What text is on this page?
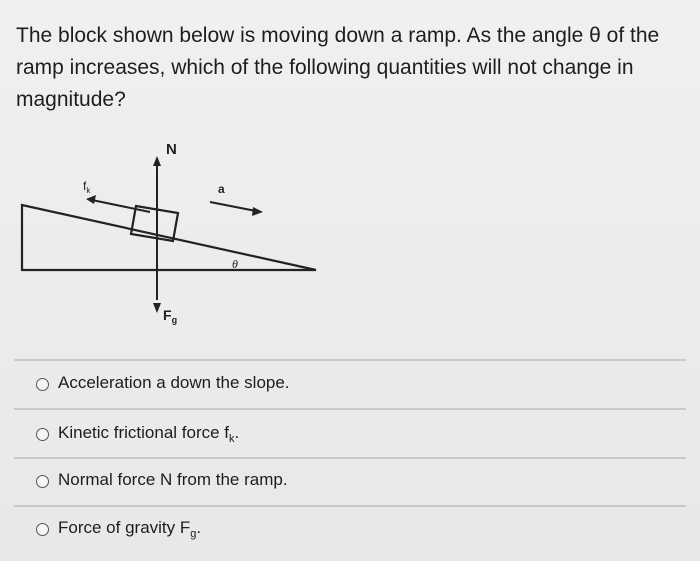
The block shown below is moving down a ramp. As the angle θ of the ramp increases, which of the following quantities will not change in magnitude?
N
$f_k$	a
θ
$F_g$
Acceleration a down the slope.
Kinetic frictional force $f_k$.
Normal force N from the ramp.
Force of gravity $F_g$.
